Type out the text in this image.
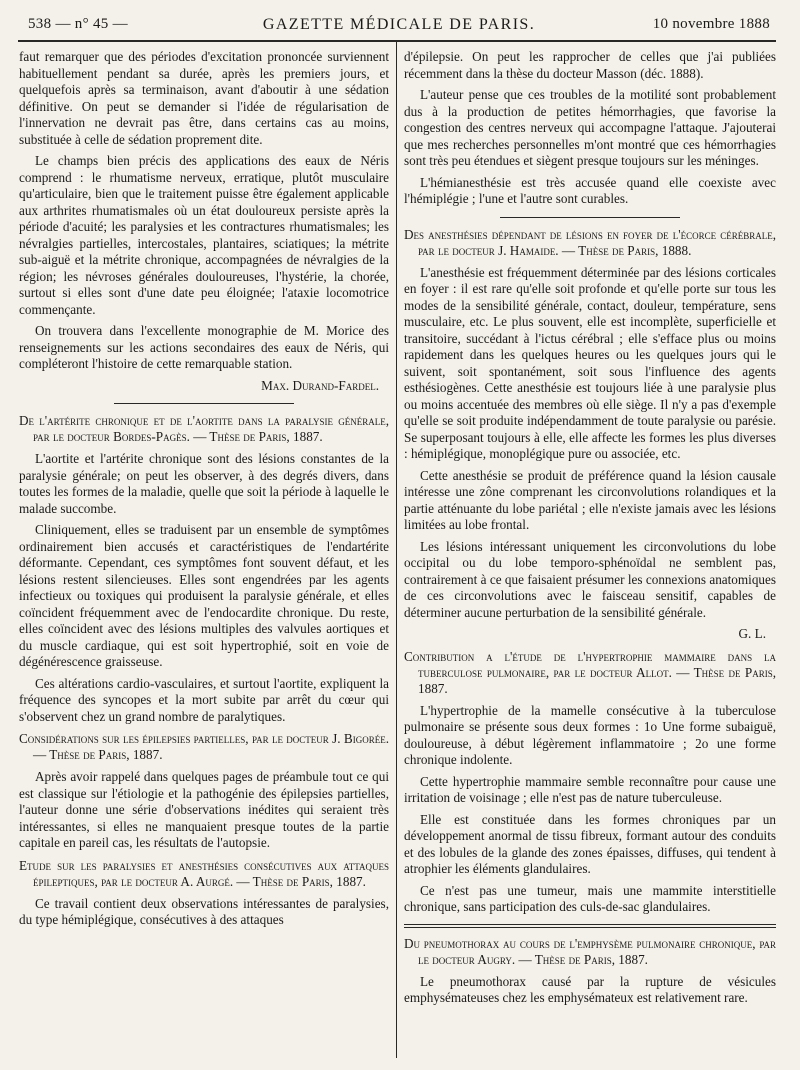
538 — n° 45 —	GAZETTE MÉDICALE DE PARIS.	10 novembre 1888

faut remarquer que des périodes d'excitation prononcée surviennent habituellement pendant sa durée, après les premiers jours, et quelquefois après sa terminaison, avant d'aboutir à une sédation définitive. On peut se demander si l'idée de régularisation de l'innervation ne devrait pas être, dans certains cas au moins, substituée à celle de sédation proprement dite.

Le champs bien précis des applications des eaux de Néris comprend : le rhumatisme nerveux, erratique, plutôt musculaire qu'articulaire, bien que le traitement puisse être également applicable aux arthrites rhumatismales où un état douloureux persiste après la période d'acuité; les paralysies et les contractures rhumatismales; les névralgies partielles, intercostales, plantaires, sciatiques; la métrite sub-aiguë et la métrite chronique, accompagnées de névralgies de la région; les névroses générales douloureuses, l'hystérie, la chorée, surtout si elles sont d'une date peu éloignée; l'ataxie locomotrice commençante.

On trouvera dans l'excellente monographie de M. Morice des renseignements sur les actions secondaires des eaux de Néris, qui compléteront l'histoire de cette remarquable station.

Max. Durand-Fardel.

De l'artérite chronique et de l'aortite dans la paralysie générale, par le docteur Bordes-Pagès. — Thèse de Paris, 1887.

L'aortite et l'artérite chronique sont des lésions constantes de la paralysie générale; on peut les observer, à des degrés divers, dans toutes les formes de la maladie, quelle que soit la période à laquelle le malade succombe.

Cliniquement, elles se traduisent par un ensemble de symptômes ordinairement bien accusés et caractéristiques de l'endartérite déformante. Cependant, ces symptômes font souvent défaut, et les lésions restent silencieuses. Elles sont engendrées par les agents infectieux ou toxiques qui produisent la paralysie générale, et elles coïncident fréquemment avec de l'endocardite chronique. Du reste, elles coïncident avec des lésions multiples des valvules aortiques et du muscle cardiaque, qui est soit hypertrophié, soit en voie de dégénérescence graisseuse.

Ces altérations cardio-vasculaires, et surtout l'aortite, expliquent la fréquence des syncopes et la mort subite par arrêt du cœur qui s'observent chez un grand nombre de paralytiques.

Considérations sur les épilepsies partielles, par le docteur J. Bigorée. — Thèse de Paris, 1887.

Après avoir rappelé dans quelques pages de préambule tout ce qui est classique sur l'étiologie et la pathogénie des épilepsies partielles, l'auteur donne une série d'observations inédites qui seraient très intéressantes, si elles ne manquaient presque toutes de la partie capitale en pareil cas, les résultats de l'autopsie.

Etude sur les paralysies et anesthésies consécutives aux attaques épileptiques, par le docteur A. Aurgé. — Thèse de Paris, 1887.

Ce travail contient deux observations intéressantes de paralysies, du type hémiplégique, consécutives à des attaques

d'épilepsie. On peut les rapprocher de celles que j'ai publiées récemment dans la thèse du docteur Masson (déc. 1888).

L'auteur pense que ces troubles de la motilité sont probablement dus à la production de petites hémorrhagies, que favorise la congestion des centres nerveux qui accompagne l'attaque. J'ajouterai que mes recherches personnelles m'ont montré que ces hémorrhagies sont très peu étendues et siègent presque toujours sur les méninges.

L'hémianesthésie est très accusée quand elle coexiste avec l'hémiplégie ; l'une et l'autre sont curables.

Des anesthésies dépendant de lésions en foyer de l'écorce cérébrale, par le docteur J. Hamaide. — Thèse de Paris, 1888.

L'anesthésie est fréquemment déterminée par des lésions corticales en foyer : il est rare qu'elle soit profonde et qu'elle porte sur tous les modes de la sensibilité générale, contact, douleur, température, sens musculaire, etc. Le plus souvent, elle est incomplète, superficielle et transitoire, succédant à l'ictus cérébral ; elle s'efface plus ou moins rapidement dans les quelques heures ou les quelques jours qui le suivent, soit spontanément, soit sous l'influence des agents esthésiogènes. Cette anesthésie est toujours liée à une paralysie plus ou moins accentuée des membres où elle siège. Il n'y a pas d'exemple qu'elle se soit produite indépendamment de toute paralysie ou parésie. Se superposant toujours à elle, elle affecte les formes les plus diverses : hémiplégique, monoplégique pure ou associée, etc.

Cette anesthésie se produit de préférence quand la lésion causale intéresse une zône comprenant les circonvolutions rolandiques et la partie atténuante du lobe pariétal ; elle n'existe jamais avec les lésions limitées au lobe frontal.

Les lésions intéressant uniquement les circonvolutions du lobe occipital ou du lobe temporo-sphénoïdal ne semblent pas, contrairement à ce que faisaient présumer les connexions anatomiques de ces circonvolutions avec le faisceau sensitif, capables de déterminer aucune perturbation de la sensibilité générale.

G. L.

Contribution a l'étude de l'hypertrophie mammaire dans la tuberculose pulmonaire, par le docteur Allot. — Thèse de Paris, 1887.

L'hypertrophie de la mamelle consécutive à la tuberculose pulmonaire se présente sous deux formes : 1o Une forme subaiguë, douloureuse, à début légèrement inflammatoire ; 2o une forme chronique indolente.

Cette hypertrophie mammaire semble reconnaître pour cause une irritation de voisinage ; elle n'est pas de nature tuberculeuse.

Elle est constituée dans les formes chroniques par un développement anormal de tissu fibreux, formant autour des conduits et des lobules de la glande des zones épaisses, diffuses, qui tendent à atrophier les éléments glandulaires.

Ce n'est pas une tumeur, mais une mammite interstitielle chronique, sans participation des culs-de-sac glandulaires.

Du pneumothorax au cours de l'emphysème pulmonaire chronique, par le docteur Augry. — Thèse de Paris, 1887.

Le pneumothorax causé par la rupture de vésicules emphysémateuses chez les emphysémateux est relativement rare.
